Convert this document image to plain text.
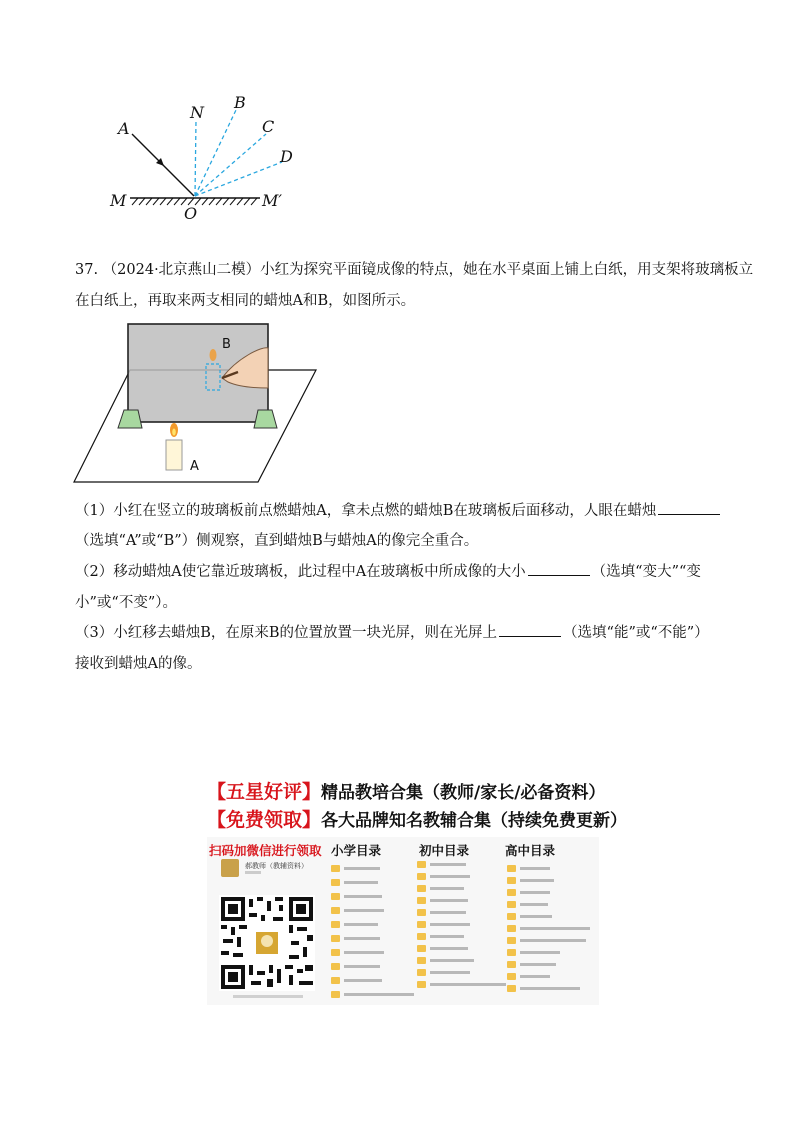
A
N
B
C
D
M
O
M′
37. （2024·北京燕山二模）小红为探究平面镜成像的特点，她在水平桌面上铺上白纸，用支架将玻璃板立
在白纸上，再取来两支相同的蜡烛A和B，如图所示。
B
A
（1）小红在竖立的玻璃板前点燃蜡烛A，拿未点燃的蜡烛B在玻璃板后面移动，人眼在蜡烛
（选填“A”或“B”）侧观察，直到蜡烛B与蜡烛A的像完全重合。
（2）移动蜡烛A使它靠近玻璃板，此过程中A在玻璃板中所成像的大小	（选填“变大”“变
小”或“不变”）。
（3）小红移去蜡烛B，在原来B的位置放置一块光屏，则在光屏上	（选填“能”或“不能”）
接收到蜡烛A的像。
【五星好评】精品教培合集（教师/家长/必备资料）
【免费领取】各大品牌知名教辅合集（持续免费更新）
扫码加微信进行领取 小学目录	初中目录	高中目录
郝教师（教辅资料）
